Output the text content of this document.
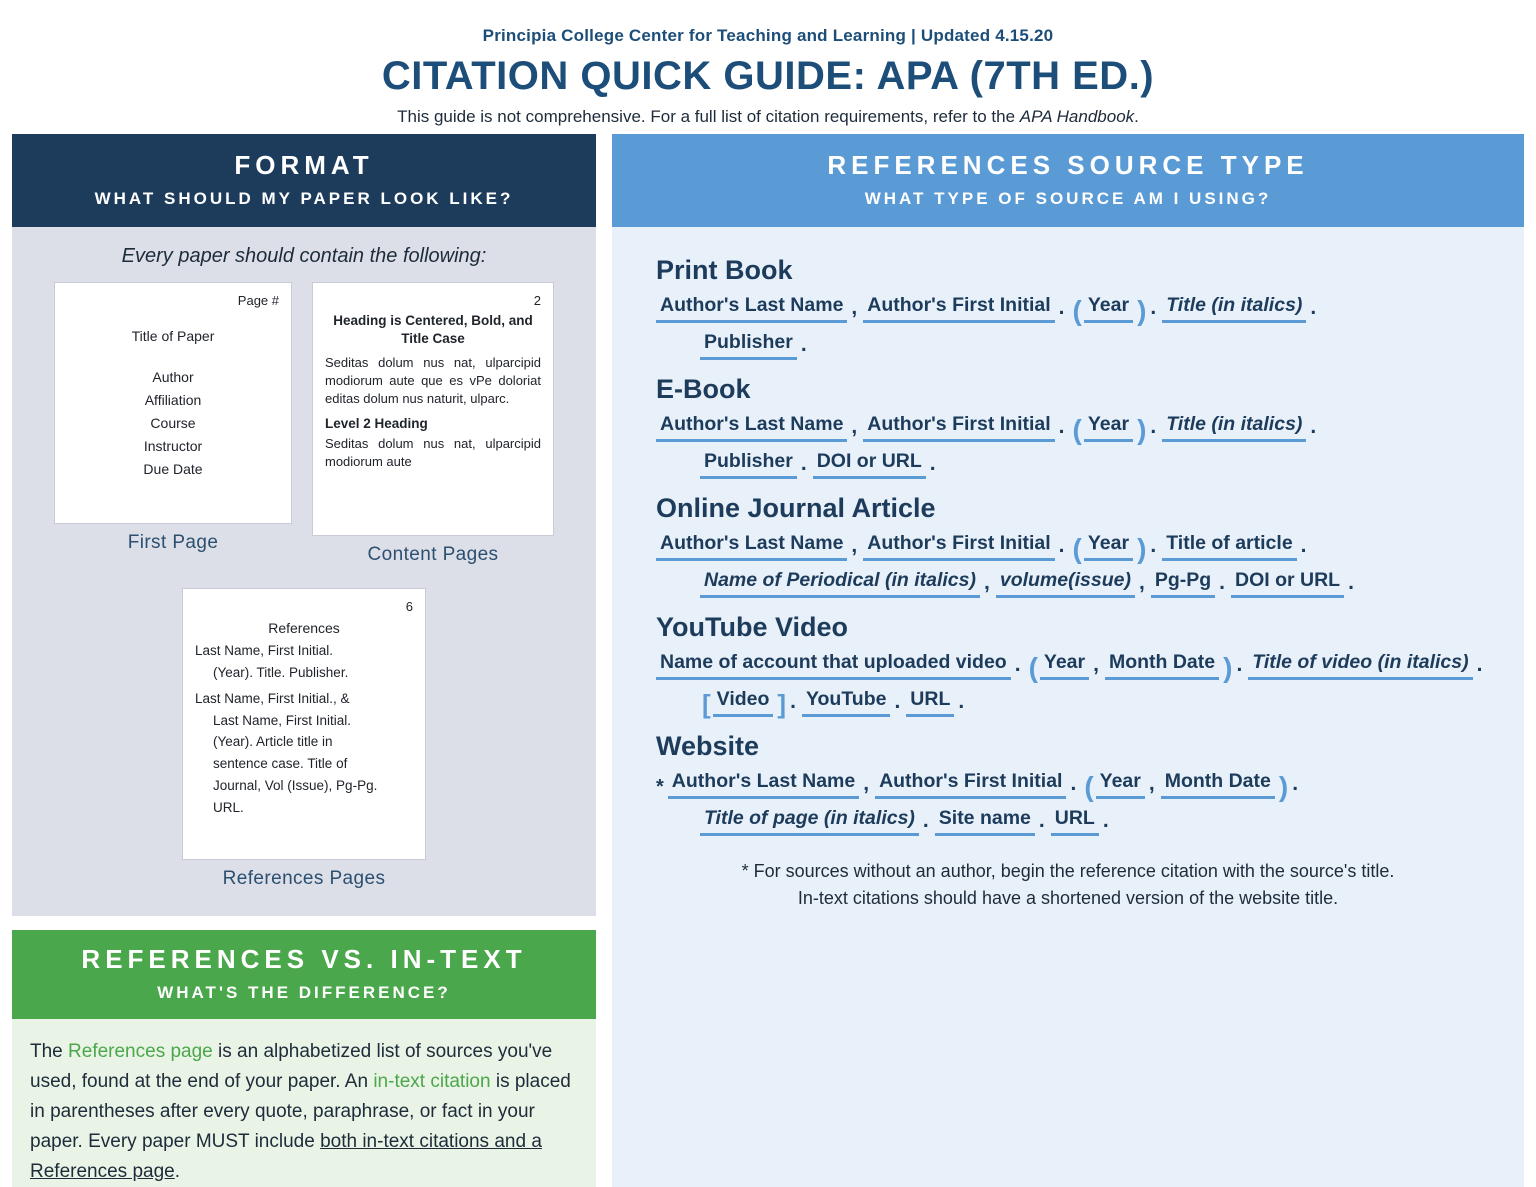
Principia College Center for Teaching and Learning | Updated 4.15.20
CITATION QUICK GUIDE: APA (7TH ED.)
This guide is not comprehensive. For a full list of citation requirements, refer to the APA Handbook.
FORMAT
WHAT SHOULD MY PAPER LOOK LIKE?
Every paper should contain the following:
Page #
Title of Paper
Author
Affiliation
Course
Instructor
Due Date
First Page
2
Heading is Centered, Bold, and Title Case
Seditas dolum nus nat, ulparcipid modiorum aute que es vPe doloriat editas dolum nus naturit, ulparc.
Level 2 Heading
Seditas dolum nus nat, ulparcipid modiorum aute
Content Pages
6
References
Last Name, First Initial.
(Year). Title. Publisher.
Last Name, First Initial., &
Last Name, First Initial.
(Year). Article title in
sentence case. Title of
Journal, Vol (Issue), Pg-Pg.
URL.
References Pages
REFERENCES VS. IN-TEXT
WHAT'S THE DIFFERENCE?
The References page is an alphabetized list of sources you've used, found at the end of your paper. An in-text citation is placed in parentheses after every quote, paraphrase, or fact in your paper. Every paper MUST include both in-text citations and a References page.
REFERENCES SOURCE TYPE
WHAT TYPE OF SOURCE AM I USING?
Print Book
Author's Last Name , Author's First Initial . ( Year ) . Title (in italics) .
Publisher .
E-Book
Author's Last Name , Author's First Initial . ( Year ) . Title (in italics) .
Publisher . DOI or URL .
Online Journal Article
Author's Last Name , Author's First Initial . ( Year ) . Title of article .
Name of Periodical (in italics) , volume(issue) , Pg-Pg . DOI or URL .
YouTube Video
Name of account that uploaded video . ( Year , Month Date ) . Title of video (in italics) .
[ Video ] . YouTube . URL .
Website
* Author's Last Name , Author's First Initial . ( Year , Month Date ) .
Title of page (in italics) . Site name . URL .
* For sources without an author, begin the reference citation with the source's title.
In-text citations should have a shortened version of the website title.
